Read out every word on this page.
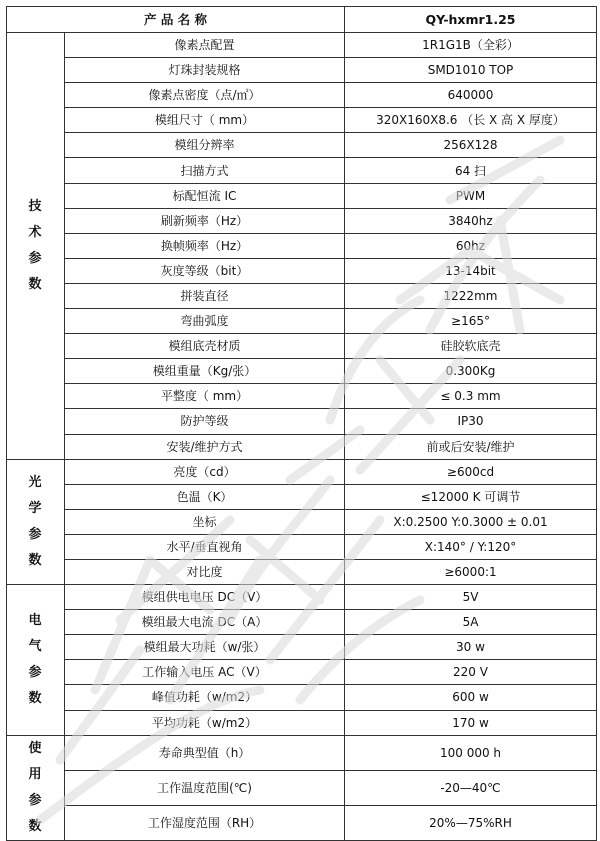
产 品 名 称		QY-hxmr1.25

技
术
参
数	像素点配置	1R1G1B（全彩）
	灯珠封装规格	SMD1010 TOP
	像素点密度（点/㎡）	640000
	模组尺寸（ mm）	320X160X8.6 （长 X 高 X 厚度）
	模组分辨率	256X128
	扫描方式	64 扫
	标配恒流 IC	PWM
	刷新频率（Hz）	3840hz
	换帧频率（Hz）	60hz
	灰度等级（bit）	13-14bit
	拼装直径	1222mm
	弯曲弧度	≥165°
	模组底壳材质	硅胶软底壳
	模组重量（Kg/张）	0.300Kg
	平整度（ mm）	≤ 0.3 mm
	防护等级	IP30
	安装/维护方式	前或后安装/维护

光
学
参
数	亮度（cd）	≥600cd
	色温（K）	≤12000 K 可调节
	坐标	X:0.2500 Y:0.3000 ± 0.01
	水平/垂直视角	X:140° / Y:120°
	对比度	≥6000:1

电
气
参
数	模组供电电压 DC（V）	5V
	模组最大电流 DC（A）	5A
	模组最大功耗（w/张）	30 w
	工作输入电压 AC（V）	220 V
	峰值功耗（w/m2）	600 w
	平均功耗（w/m2）	170 w

使
用
参
数	寿命典型值（h）	100 000 h
	工作温度范围(℃)	-20—40℃
	工作湿度范围（RH）	20%—75%RH
